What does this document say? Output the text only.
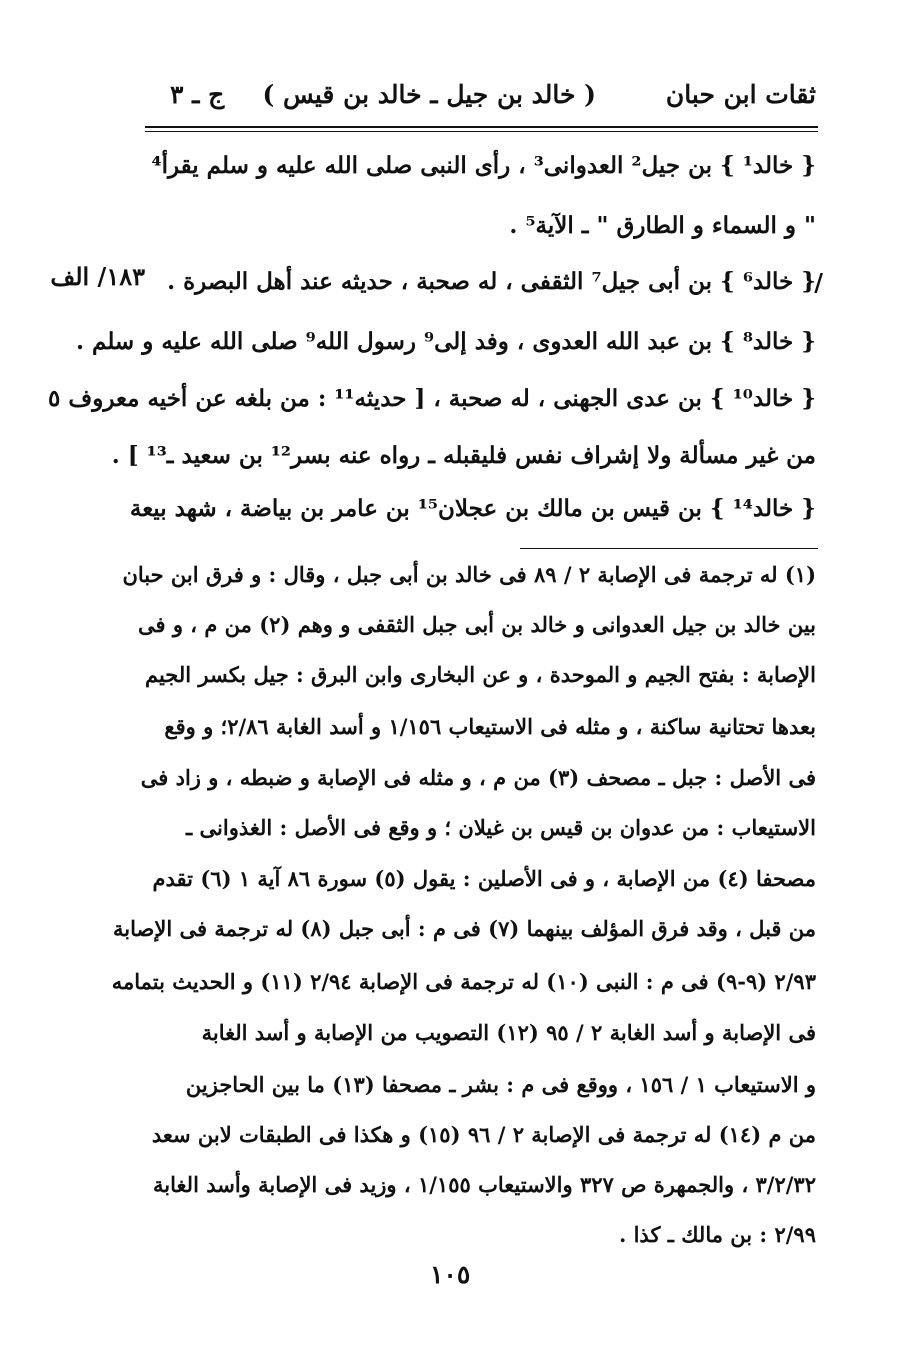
ثقات ابن حبان
( خالد بن جيل ـ خالد بن قيس )
ج ـ ٣
١٨٣/ الف	/
{ خالد¹ } بن جيل² العدوانى³ ، رأى النبى صلى الله عليه و سلم يقرأ⁴
" و السماء و الطارق " ـ الآية⁵ .
{ خالد⁶ } بن أبى جيل⁷ الثقفى ، له صحبة ، حديثه عند أهل البصرة .
{ خالد⁸ } بن عبد الله العدوى ، وفد إلى⁹ رسول الله⁹ صلى الله عليه و سلم .
{ خالد¹⁰ } بن عدى الجهنى ، له صحبة ، [ حديثه¹¹ : من بلغه عن أخيه معروف ٥
من غير مسألة ولا إشراف نفس فليقبله ـ رواه عنه بسر¹² بن سعيد ـ¹³ ] .
{ خالد¹⁴ } بن قيس بن مالك بن عجلان¹⁵ بن عامر بن بياضة ، شهد بيعة
(١) له ترجمة فى الإصابة ٢ / ٨٩ فى خالد بن أبى جبل ، وقال : و فرق ابن حبان
بين خالد بن جيل العدوانى و خالد بن أبى جبل الثقفى و وهم (٢) من م ، و فى
الإصابة : بفتح الجيم و الموحدة ، و عن البخارى وابن البرق : جيل بكسر الجيم
بعدها تحتانية ساكنة ، و مثله فى الاستيعاب ١/١٥٦ و أسد الغابة ٢/٨٦؛ و وقع
فى الأصل : جبل ـ مصحف (٣) من م ، و مثله فى الإصابة و ضبطه ، و زاد فى
الاستيعاب : من عدوان بن قيس بن غيلان ؛ و وقع فى الأصل : الغذوانى ـ
مصحفا (٤) من الإصابة ، و فى الأصلين : يقول (٥) سورة ٨٦ آية ١ (٦) تقدم
من قبل ، وقد فرق المؤلف بينهما (٧) فى م : أبى جبل (٨) له ترجمة فى الإصابة
٢/٩٣ (٩-٩) فى م : النبى (١٠) له ترجمة فى الإصابة ٢/٩٤ (١١) و الحديث بتمامه
فى الإصابة و أسد الغابة ٢ / ٩٥ (١٢) التصويب من الإصابة و أسد الغابة
و الاستيعاب ١ / ١٥٦ ، ووقع فى م : بشر ـ مصحفا (١٣) ما بين الحاجزين
من م (١٤) له ترجمة فى الإصابة ٢ / ٩٦ (١٥) و هكذا فى الطبقات لابن سعد
٣/٢/٣٢ ، والجمهرة ص ٣٢٧ والاستيعاب ١/١٥٥ ، وزيد فى الإصابة وأسد الغابة
٢/٩٩ : بن مالك ـ كذا .
١٠٥
